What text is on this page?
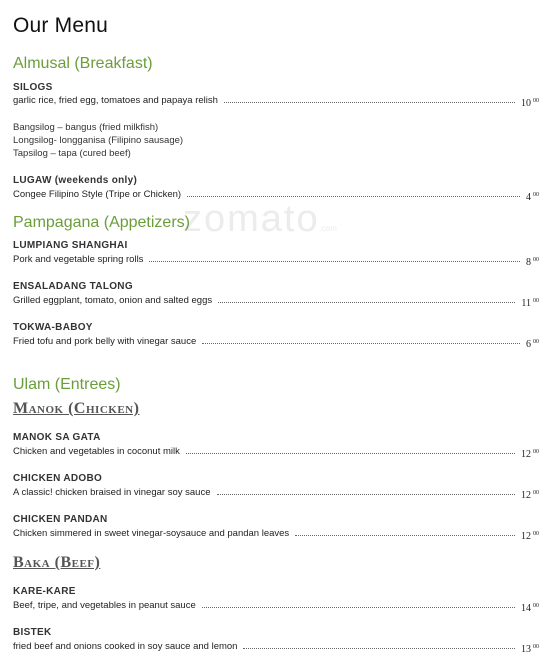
Our Menu
zomato.com
Almusal (Breakfast)
SILOGS
garlic rice, fried egg, tomatoes and papaya relish	10 $^{00}$
Bangsilog – bangus (fried milkfish)
Longsilog- longganisa (Filipino sausage)
Tapsilog – tapa (cured beef)
LUGAW (weekends only)
Congee Filipino Style (Tripe or Chicken)	4 $^{00}$
Pampagana (Appetizers)
LUMPIANG SHANGHAI
Pork and vegetable spring rolls	8 $^{00}$
ENSALADANG TALONG
Grilled eggplant, tomato, onion and salted eggs	11 $^{00}$
TOKWA-BABOY
Fried tofu and pork belly with vinegar sauce	6 $^{00}$
Ulam (Entrees)
Manok (Chicken)
MANOK SA GATA
Chicken and vegetables in coconut milk	12 $^{00}$
CHICKEN ADOBO
A classic! chicken braised in vinegar soy sauce	12 $^{00}$
CHICKEN PANDAN
Chicken simmered in sweet vinegar-soysauce and pandan leaves	12 $^{00}$
Baka (Beef)
KARE-KARE
Beef, tripe, and vegetables in peanut sauce	14 $^{00}$
BISTEK
fried beef and onions cooked in soy sauce and lemon	13 $^{00}$
